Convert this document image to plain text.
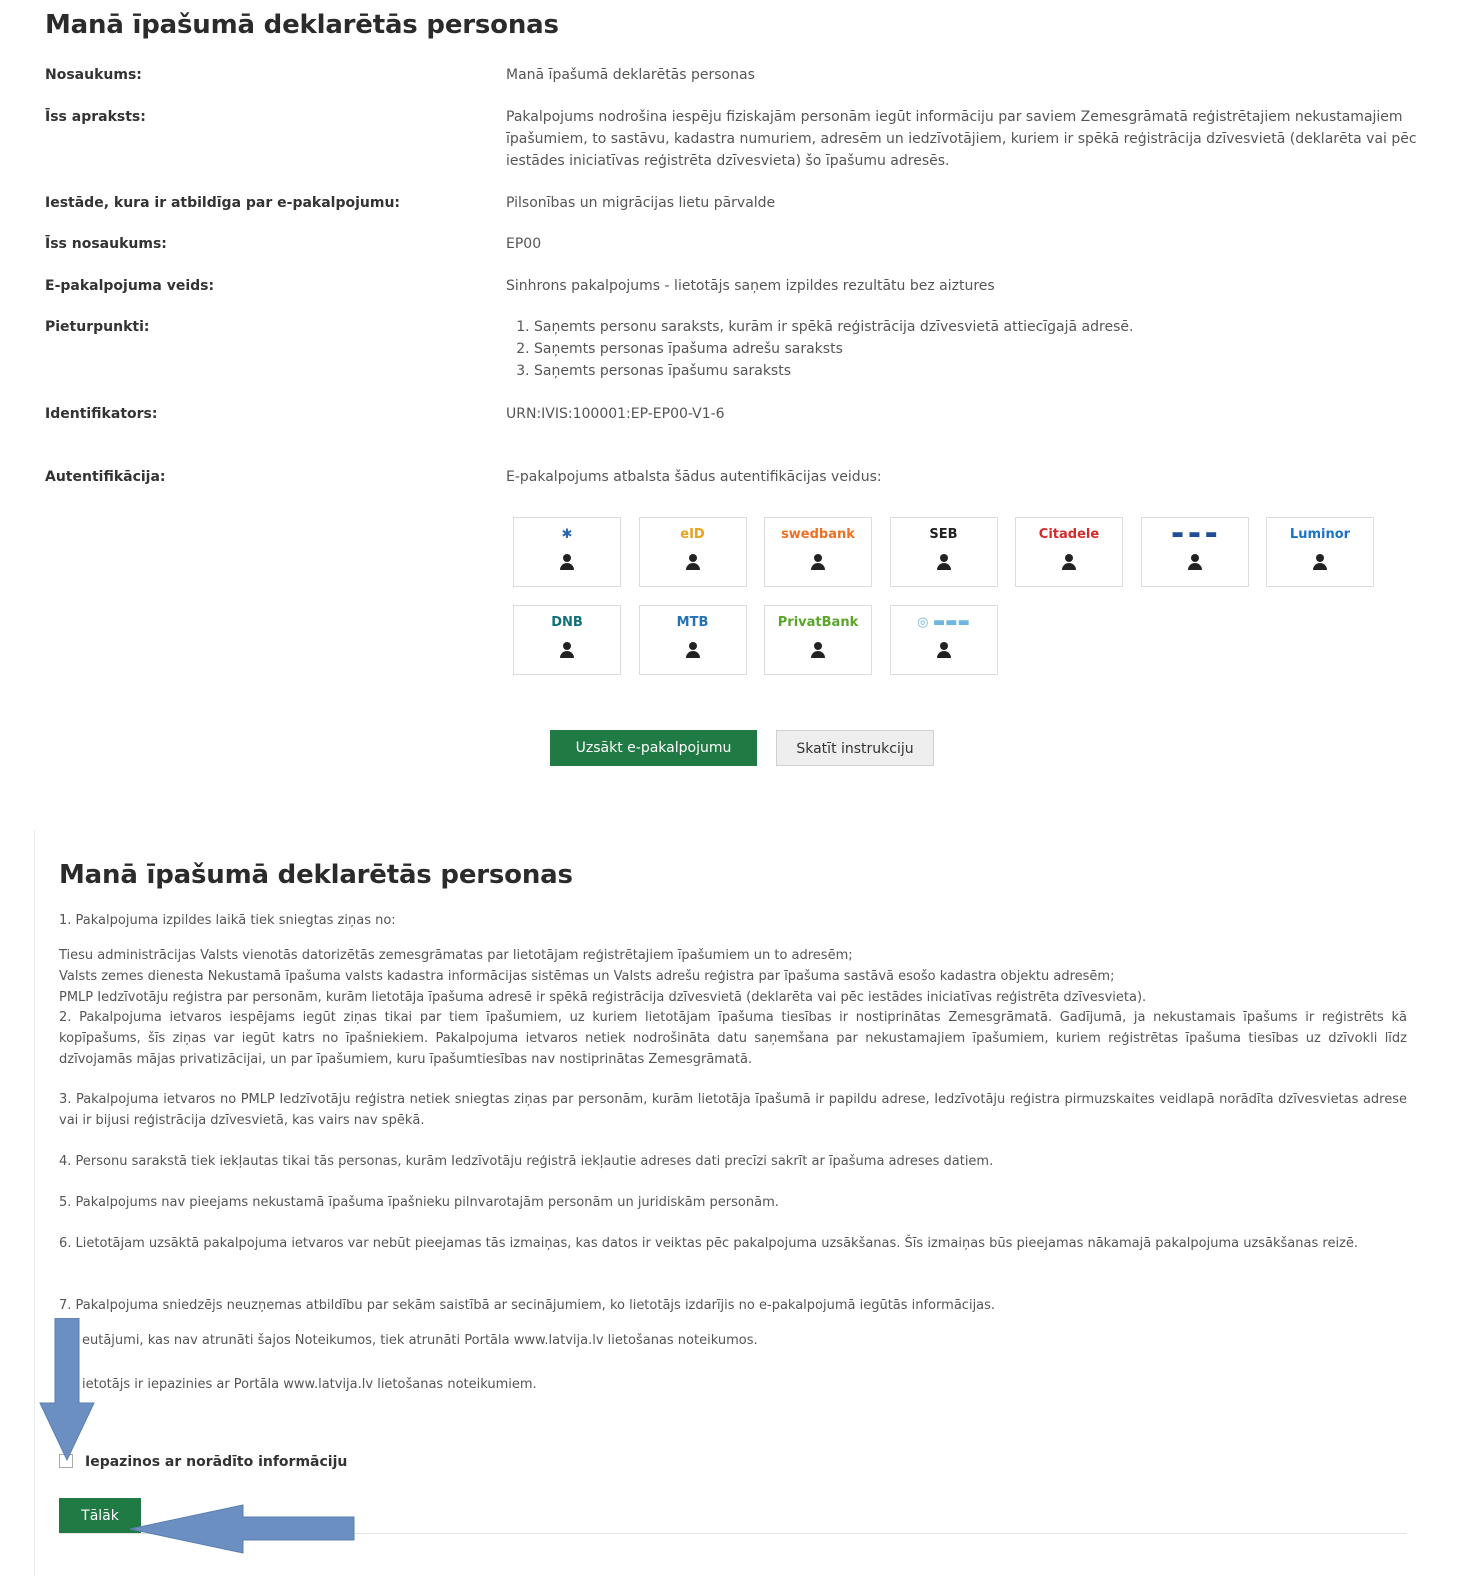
Manā īpašumā deklarētās personas
Nosaukums:	Manā īpašumā deklarētās personas
Īss apraksts:	Pakalpojums nodrošina iespēju fiziskajām personām iegūt informāciju par saviem Zemesgrāmatā reģistrētajiem nekustamajiem īpašumiem, to sastāvu, kadastra numuriem, adresēm un iedzīvotājiem, kuriem ir spēkā reģistrācija dzīvesvietā (deklarēta vai pēc iestādes iniciatīvas reģistrēta dzīvesvieta) šo īpašumu adresēs.
Iestāde, kura ir atbildīga par e-pakalpojumu:	Pilsonības un migrācijas lietu pārvalde
Īss nosaukums:	EP00
E-pakalpojuma veids:	Sinhrons pakalpojums - lietotājs saņem izpildes rezultātu bez aiztures
Pieturpunkti:
1.	Saņemts personu saraksts, kurām ir spēkā reģistrācija dzīvesvietā attiecīgajā adresē.
2. Saņemts personas īpašuma adrešu saraksts
3. Saņemts personas īpašumu saraksts
Identifikators:	URN:IVIS:100001:EP-EP00-V1-6
Autentifikācija:	E-pakalpojums atbalsta šādus autentifikācijas veidus:
✱	eID	swedbank	SEB	Citadele	▬ ▬ ▬	Luminor
DNB	MTB	PrivatBank	◎ ▬▬▬
Uzsākt e-pakalpojumu	Skatīt instrukciju
Manā īpašumā deklarētās personas
1. Pakalpojuma izpildes laikā tiek sniegtas ziņas no:
Tiesu administrācijas Valsts vienotās datorizētās zemesgrāmatas par lietotājam reģistrētajiem īpašumiem un to adresēm;
Valsts zemes dienesta Nekustamā īpašuma valsts kadastra informācijas sistēmas un Valsts adrešu reģistra par īpašuma sastāvā esošo kadastra objektu adresēm;
PMLP Iedzīvotāju reģistra par personām, kurām lietotāja īpašuma adresē ir spēkā reģistrācija dzīvesvietā (deklarēta vai pēc iestādes iniciatīvas reģistrēta dzīvesvieta).
2. Pakalpojuma ietvaros iespējams iegūt ziņas tikai par tiem īpašumiem, uz kuriem lietotājam īpašuma tiesības ir nostiprinātas Zemesgrāmatā. Gadījumā, ja nekustamais īpašums ir reģistrēts kā kopīpašums, šīs ziņas var iegūt katrs no īpašniekiem. Pakalpojuma ietvaros netiek nodrošināta datu saņemšana par nekustamajiem īpašumiem, kuriem reģistrētas īpašuma tiesības uz dzīvokli līdz dzīvojamās mājas privatizācijai, un par īpašumiem, kuru īpašumtiesības nav nostiprinātas Zemesgrāmatā.
3. Pakalpojuma ietvaros no PMLP Iedzīvotāju reģistra netiek sniegtas ziņas par personām, kurām lietotāja īpašumā ir papildu adrese, Iedzīvotāju reģistra pirmuzskaites veidlapā norādīta dzīvesvietas adrese vai ir bijusi reģistrācija dzīvesvietā, kas vairs nav spēkā.
4. Personu sarakstā tiek iekļautas tikai tās personas, kurām Iedzīvotāju reģistrā iekļautie adreses dati precīzi sakrīt ar īpašuma adreses datiem.
5. Pakalpojums nav pieejams nekustamā īpašuma īpašnieku pilnvarotajām personām un juridiskām personām.
6. Lietotājam uzsāktā pakalpojuma ietvaros var nebūt pieejamas tās izmaiņas, kas datos ir veiktas pēc pakalpojuma uzsākšanas. Šīs izmaiņas būs pieejamas nākamajā pakalpojuma uzsākšanas reizē.
7. Pakalpojuma sniedzējs neuzņemas atbildību par sekām saistībā ar secinājumiem, ko lietotājs izdarījis no e-pakalpojumā iegūtās informācijas.
eutājumi, kas nav atrunāti šajos Noteikumos, tiek atrunāti Portāla www.latvija.lv lietošanas noteikumos.
ietotājs ir iepazinies ar Portāla www.latvija.lv lietošanas noteikumiem.
Iepazinos ar norādīto informāciju
Tālāk
